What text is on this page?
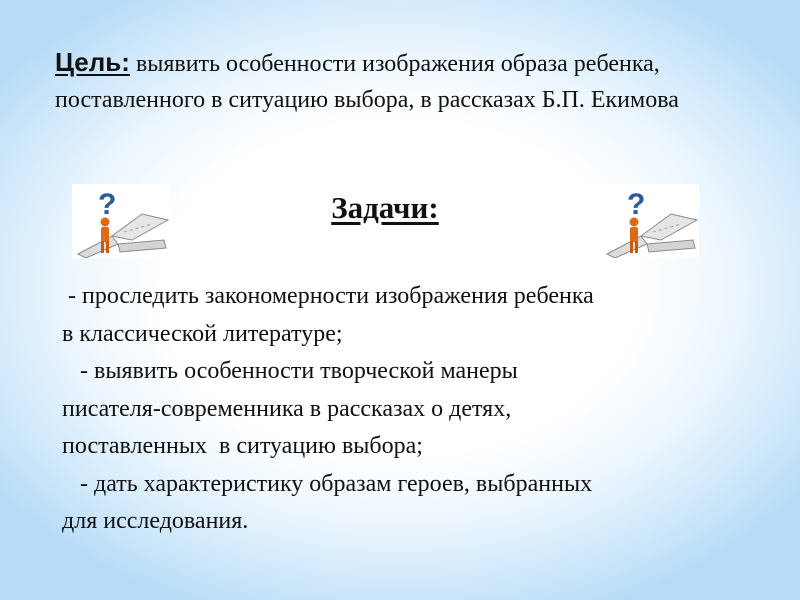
Цель: выявить особенности изображения образа ребенка, поставленного в ситуацию выбора, в рассказах Б.П. Екимова
?	Задачи:	?
- проследить закономерности изображения ребенка
в классической литературе;
- выявить особенности творческой манеры
писателя-современника в рассказах о детях,
поставленных  в ситуацию выбора;
- дать характеристику образам героев, выбранных
для исследования.
